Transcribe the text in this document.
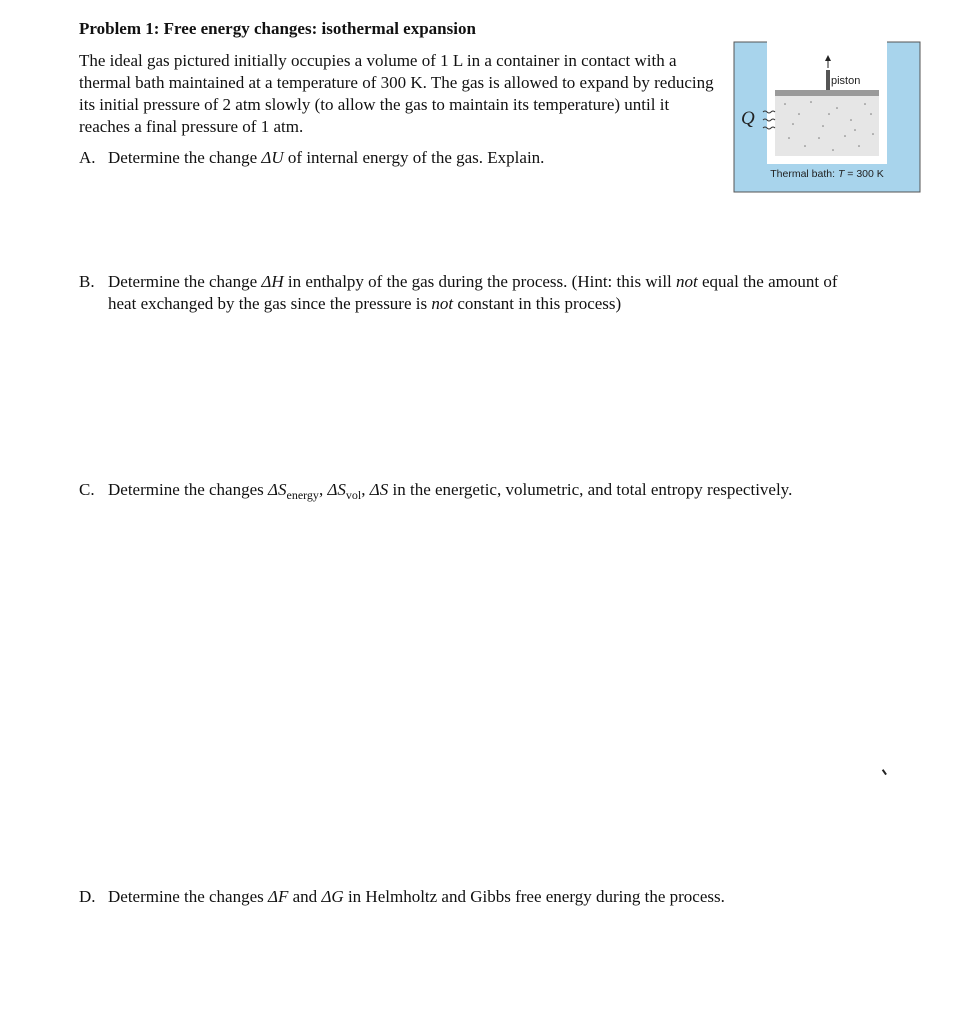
Problem 1: Free energy changes: isothermal expansion
The ideal gas pictured initially occupies a volume of 1 L in a container in contact with a thermal bath maintained at a temperature of 300 K. The gas is allowed to expand by reducing its initial pressure of 2 atm slowly (to allow the gas to maintain its temperature) until it reaches a final pressure of 1 atm.
piston
Q
Thermal bath: T = 300 K
A. Determine the change ΔU of internal energy of the gas. Explain.
B. Determine the change ΔH in enthalpy of the gas during the process. (Hint: this will not equal the amount of heat exchanged by the gas since the pressure is not constant in this process)
C. Determine the changes $\Delta S_{energy}$, $\Delta S_{vol}$, ΔS in the energetic, volumetric, and total entropy respectively.
D. Determine the changes ΔF and ΔG in Helmholtz and Gibbs free energy during the process.
